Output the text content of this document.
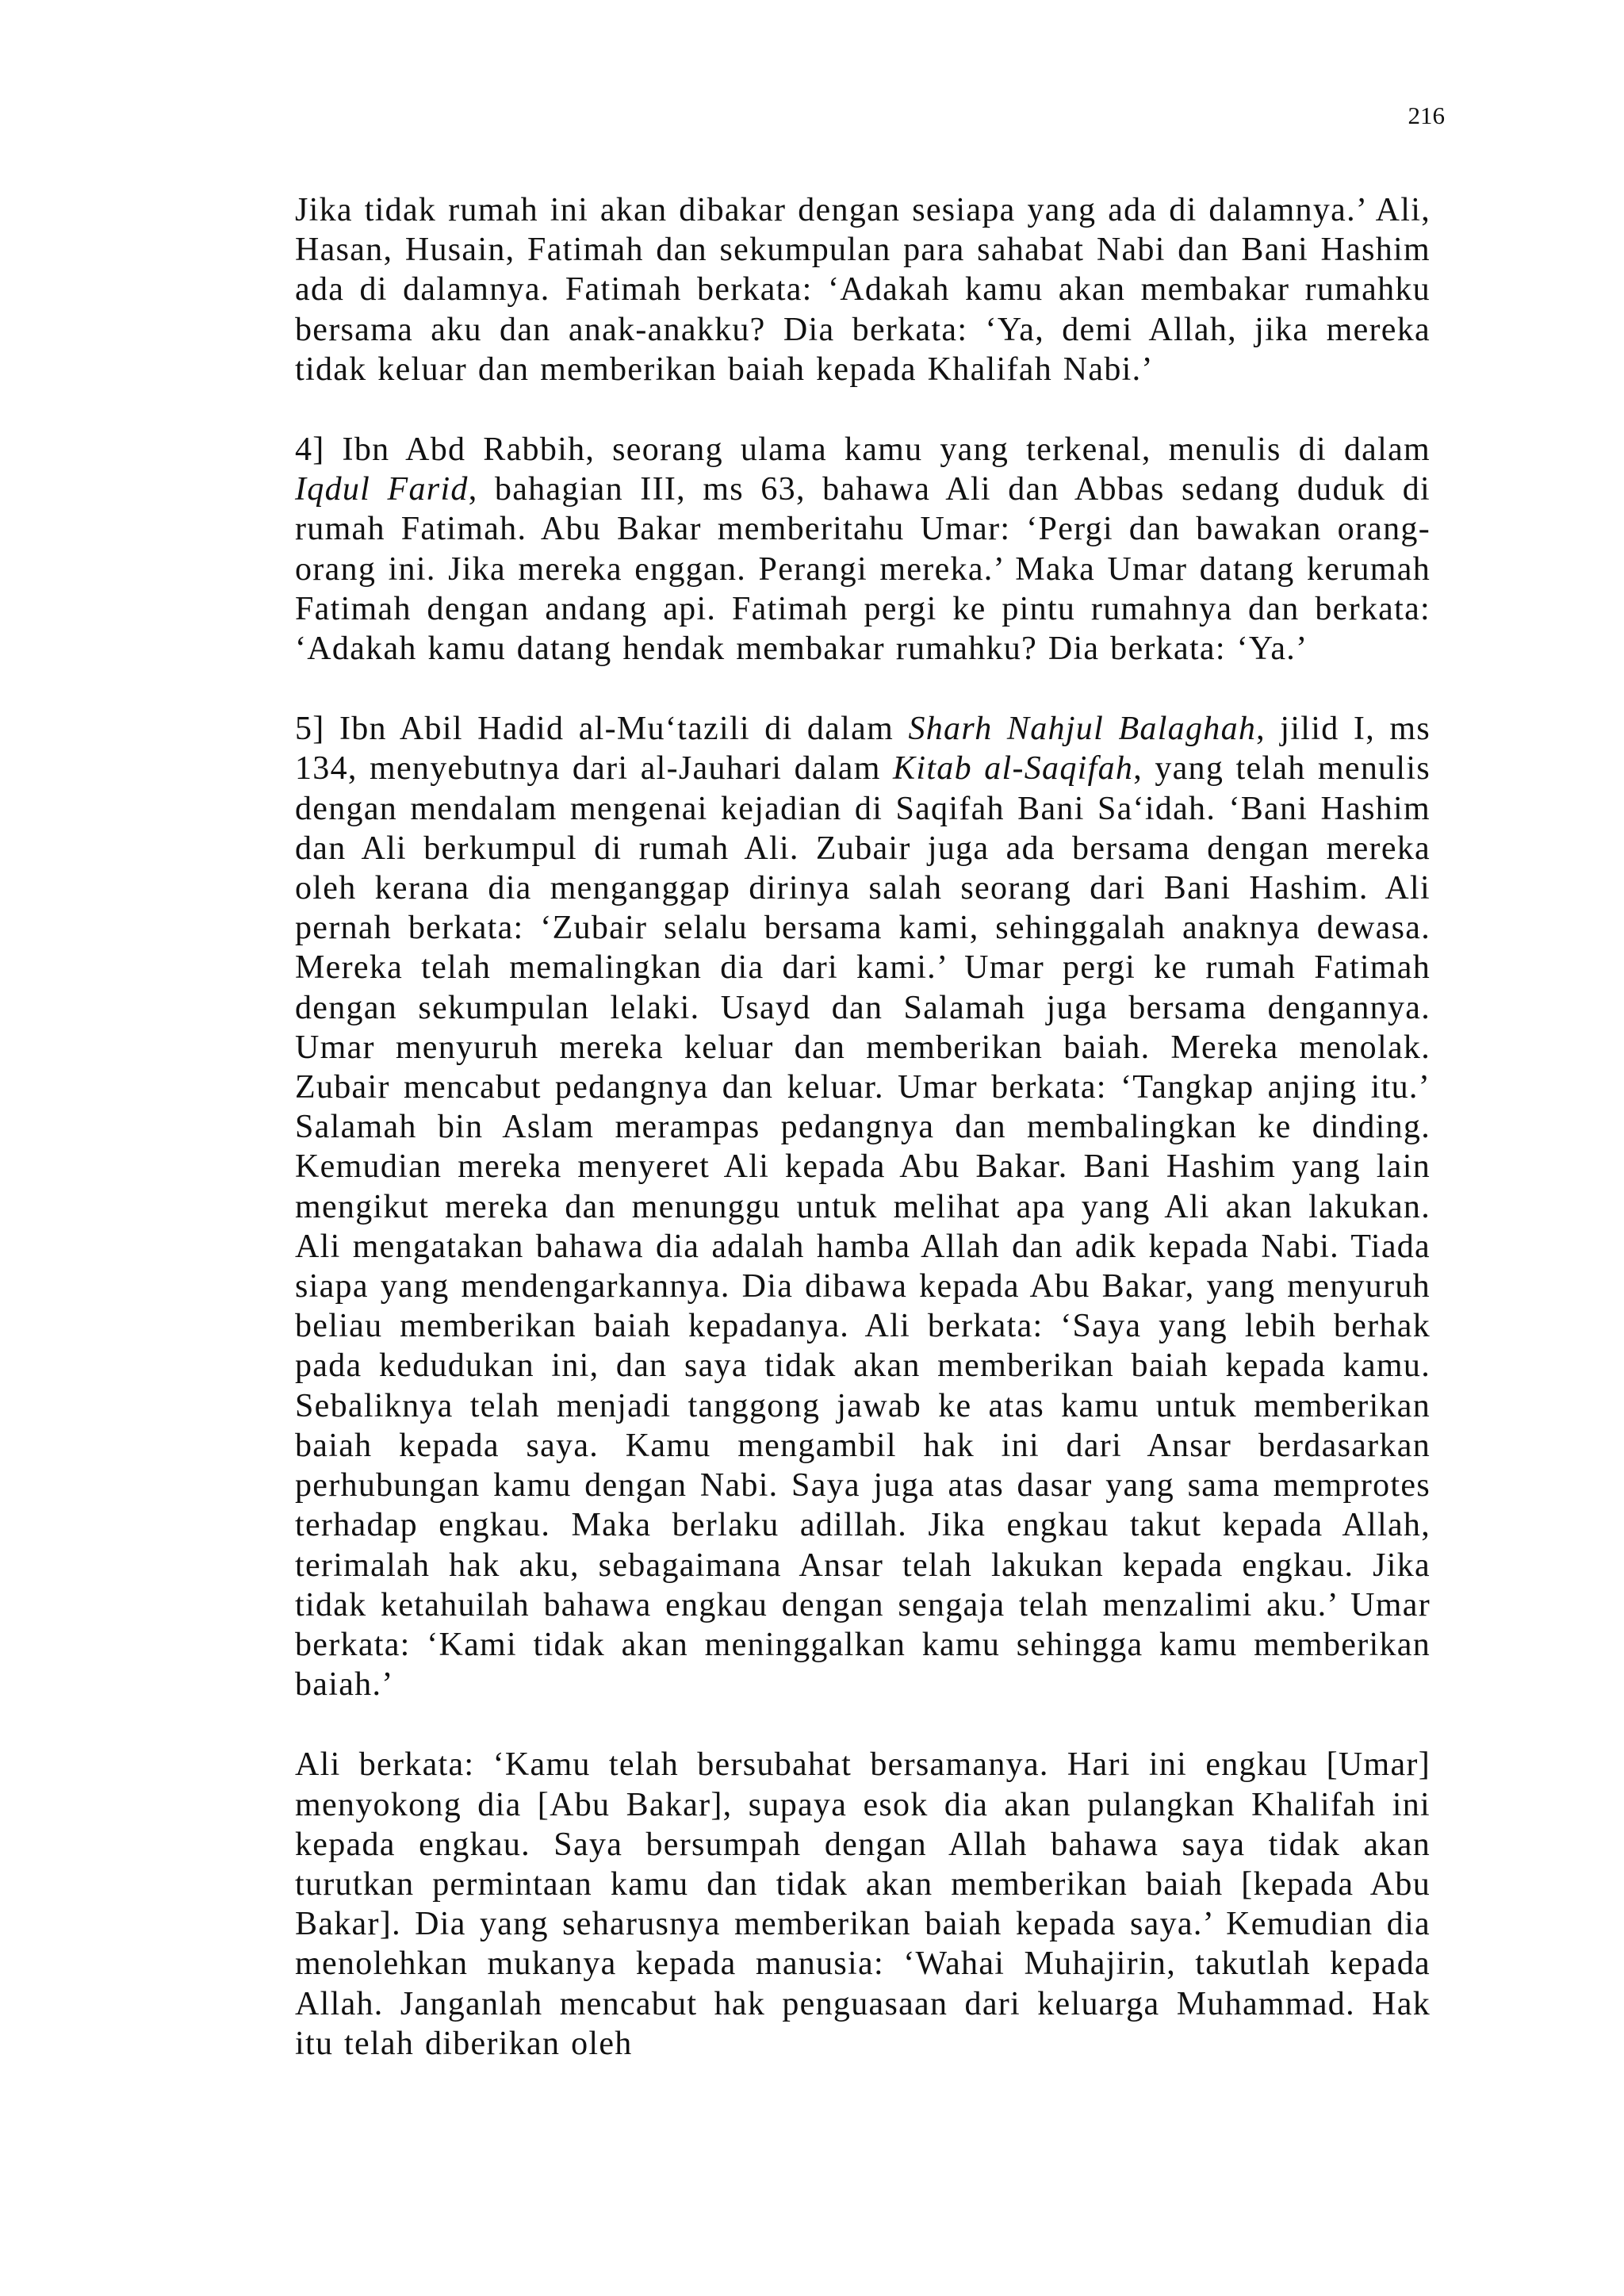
216

Jika tidak rumah ini akan dibakar dengan sesiapa yang ada di dalamnya.’ Ali, Hasan, Husain, Fatimah dan sekumpulan para sahabat Nabi dan Bani Hashim ada di dalamnya. Fatimah berkata: ‘Adakah kamu akan membakar rumahku bersama aku dan anak-anakku? Dia berkata: ‘Ya, demi Allah, jika mereka tidak keluar dan memberikan baiah kepada Khalifah Nabi.’

4] Ibn Abd Rabbih, seorang ulama kamu yang terkenal, menulis di dalam Iqdul Farid, bahagian III, ms 63, bahawa Ali dan Abbas sedang duduk di rumah Fatimah. Abu Bakar memberitahu Umar: ‘Pergi dan bawakan orang-orang ini. Jika mereka enggan. Perangi mereka.’ Maka Umar datang kerumah Fatimah dengan andang api. Fatimah pergi ke pintu rumahnya dan berkata: ‘Adakah kamu datang hendak membakar rumahku? Dia berkata: ‘Ya.’

5] Ibn Abil Hadid al-Mu‘tazili di dalam Sharh Nahjul Balaghah, jilid I, ms 134, menyebutnya dari al-Jauhari dalam Kitab al-Saqifah, yang telah menulis dengan mendalam mengenai kejadian di Saqifah Bani Sa‘idah. ‘Bani Hashim dan Ali berkumpul di rumah Ali. Zubair juga ada bersama dengan mereka oleh kerana dia menganggap dirinya salah seorang dari Bani Hashim. Ali pernah berkata: ‘Zubair selalu bersama kami, sehinggalah anaknya dewasa. Mereka telah memalingkan dia dari kami.’ Umar pergi ke rumah Fatimah dengan sekumpulan lelaki. Usayd dan Salamah juga bersama dengannya. Umar menyuruh mereka keluar dan memberikan baiah. Mereka menolak. Zubair mencabut pedangnya dan keluar. Umar berkata: ‘Tangkap anjing itu.’ Salamah bin Aslam merampas pedangnya dan membalingkan ke dinding. Kemudian mereka menyeret Ali kepada Abu Bakar. Bani Hashim yang lain mengikut mereka dan menunggu untuk melihat apa yang Ali akan lakukan. Ali mengatakan bahawa dia adalah hamba Allah dan adik kepada Nabi. Tiada siapa yang mendengarkannya. Dia dibawa kepada Abu Bakar, yang menyuruh beliau memberikan baiah kepadanya. Ali berkata: ‘Saya yang lebih berhak pada kedudukan ini, dan saya tidak akan memberikan baiah kepada kamu. Sebaliknya telah menjadi tanggong jawab ke atas kamu untuk memberikan baiah kepada saya. Kamu mengambil hak ini dari Ansar berdasarkan perhubungan kamu dengan Nabi. Saya juga atas dasar yang sama memprotes terhadap engkau. Maka berlaku adillah. Jika engkau takut kepada Allah, terimalah hak aku, sebagaimana Ansar telah lakukan kepada engkau. Jika tidak ketahuilah bahawa engkau dengan sengaja telah menzalimi aku.’ Umar berkata: ‘Kami tidak akan meninggalkan kamu sehingga kamu memberikan baiah.’

Ali berkata: ‘Kamu telah bersubahat bersamanya. Hari ini engkau [Umar] menyokong dia [Abu Bakar], supaya esok dia akan pulangkan Khalifah ini kepada engkau. Saya bersumpah dengan Allah bahawa saya tidak akan turutkan permintaan kamu dan tidak akan memberikan baiah [kepada Abu Bakar]. Dia yang seharusnya memberikan baiah kepada saya.’ Kemudian dia menolehkan mukanya kepada manusia: ‘Wahai Muhajirin, takutlah kepada Allah. Janganlah mencabut hak penguasaan dari keluarga Muhammad. Hak itu telah diberikan oleh
